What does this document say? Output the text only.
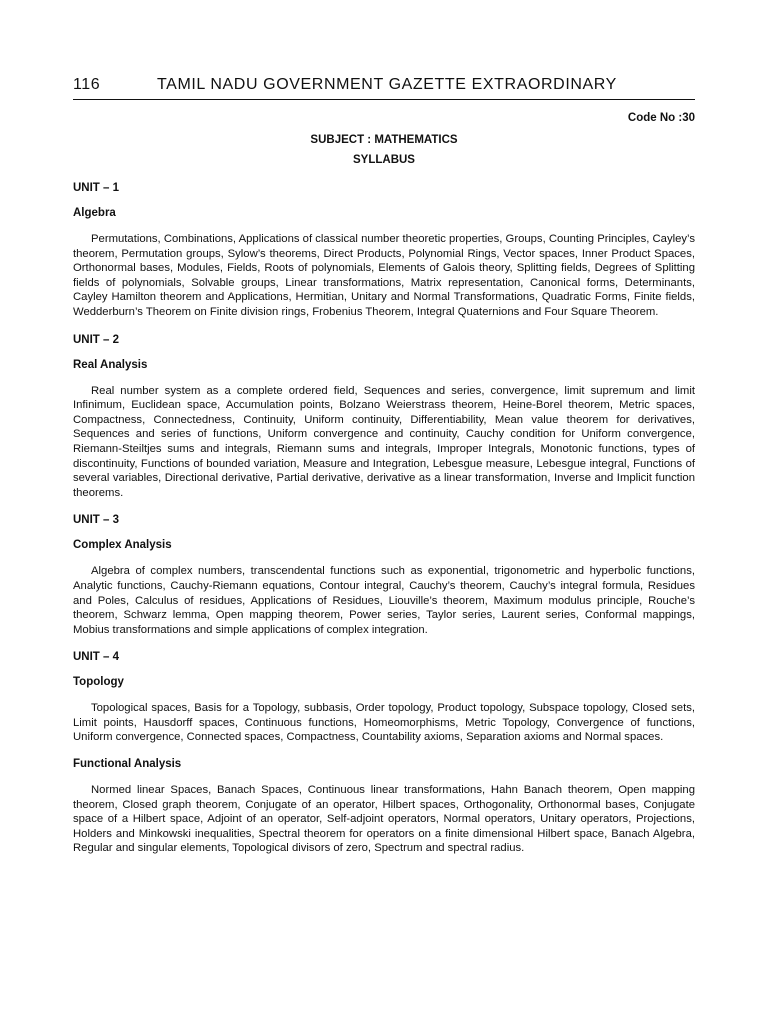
116	TAMIL NADU GOVERNMENT GAZETTE EXTRAORDINARY
Code No :30
SUBJECT : MATHEMATICS
SYLLABUS
UNIT – 1
Algebra

Permutations, Combinations, Applications of classical number theoretic properties, Groups, Counting Principles, Cayley’s theorem, Permutation groups, Sylow’s theorems, Direct Products, Polynomial Rings, Vector spaces, Inner Product Spaces, Orthonormal bases, Modules, Fields, Roots of polynomials, Elements of Galois theory, Splitting fields, Degrees of Splitting fields of polynomials, Solvable groups, Linear transformations, Matrix representation, Canonical forms, Determinants, Cayley Hamilton theorem and Applications, Hermitian, Unitary and Normal Transformations, Quadratic Forms, Finite fields, Wedderburn’s Theorem on Finite division rings, Frobenius Theorem, Integral Quaternions and Four Square Theorem.

UNIT – 2
Real Analysis

Real number system as a complete ordered field, Sequences and series, convergence, limit supremum and limit Infinimum, Euclidean space, Accumulation points, Bolzano Weierstrass theorem, Heine-Borel theorem, Metric spaces, Compactness, Connectedness, Continuity, Uniform continuity, Differentiability, Mean value theorem for derivatives, Sequences and series of functions, Uniform convergence and continuity, Cauchy condition for Uniform convergence, Riemann-Steiltjes sums and integrals, Riemann sums and integrals, Improper Integrals, Monotonic functions, types of discontinuity, Functions of bounded variation, Measure and Integration, Lebesgue measure, Lebesgue integral, Functions of several variables, Directional derivative, Partial derivative, derivative as a linear transformation, Inverse and Implicit function theorems.

UNIT – 3
Complex Analysis

Algebra of complex numbers, transcendental functions such as exponential, trigonometric and hyperbolic functions, Analytic functions, Cauchy-Riemann equations, Contour integral, Cauchy’s theorem, Cauchy’s integral formula, Residues and Poles, Calculus of residues, Applications of Residues, Liouville’s theorem, Maximum modulus principle, Rouche’s theorem, Schwarz lemma, Open mapping theorem, Power series, Taylor series, Laurent series, Conformal mappings, Mobius transformations and simple applications of complex integration.

UNIT – 4
Topology

Topological spaces, Basis for a Topology, subbasis, Order topology, Product topology, Subspace topology, Closed sets, Limit points, Hausdorff spaces, Continuous functions, Homeomorphisms, Metric Topology, Convergence of functions, Uniform convergence, Connected spaces, Compactness, Countability axioms, Separation axioms and Normal spaces.

Functional Analysis

Normed linear Spaces, Banach Spaces, Continuous linear transformations, Hahn Banach theorem, Open mapping theorem, Closed graph theorem, Conjugate of an operator, Hilbert spaces, Orthogonality, Orthonormal bases, Conjugate space of a Hilbert space, Adjoint of an operator, Self-adjoint operators, Normal operators, Unitary operators, Projections, Holders and Minkowski inequalities, Spectral theorem for operators on a finite dimensional Hilbert space, Banach Algebra, Regular and singular elements, Topological divisors of zero, Spectrum and spectral radius.
